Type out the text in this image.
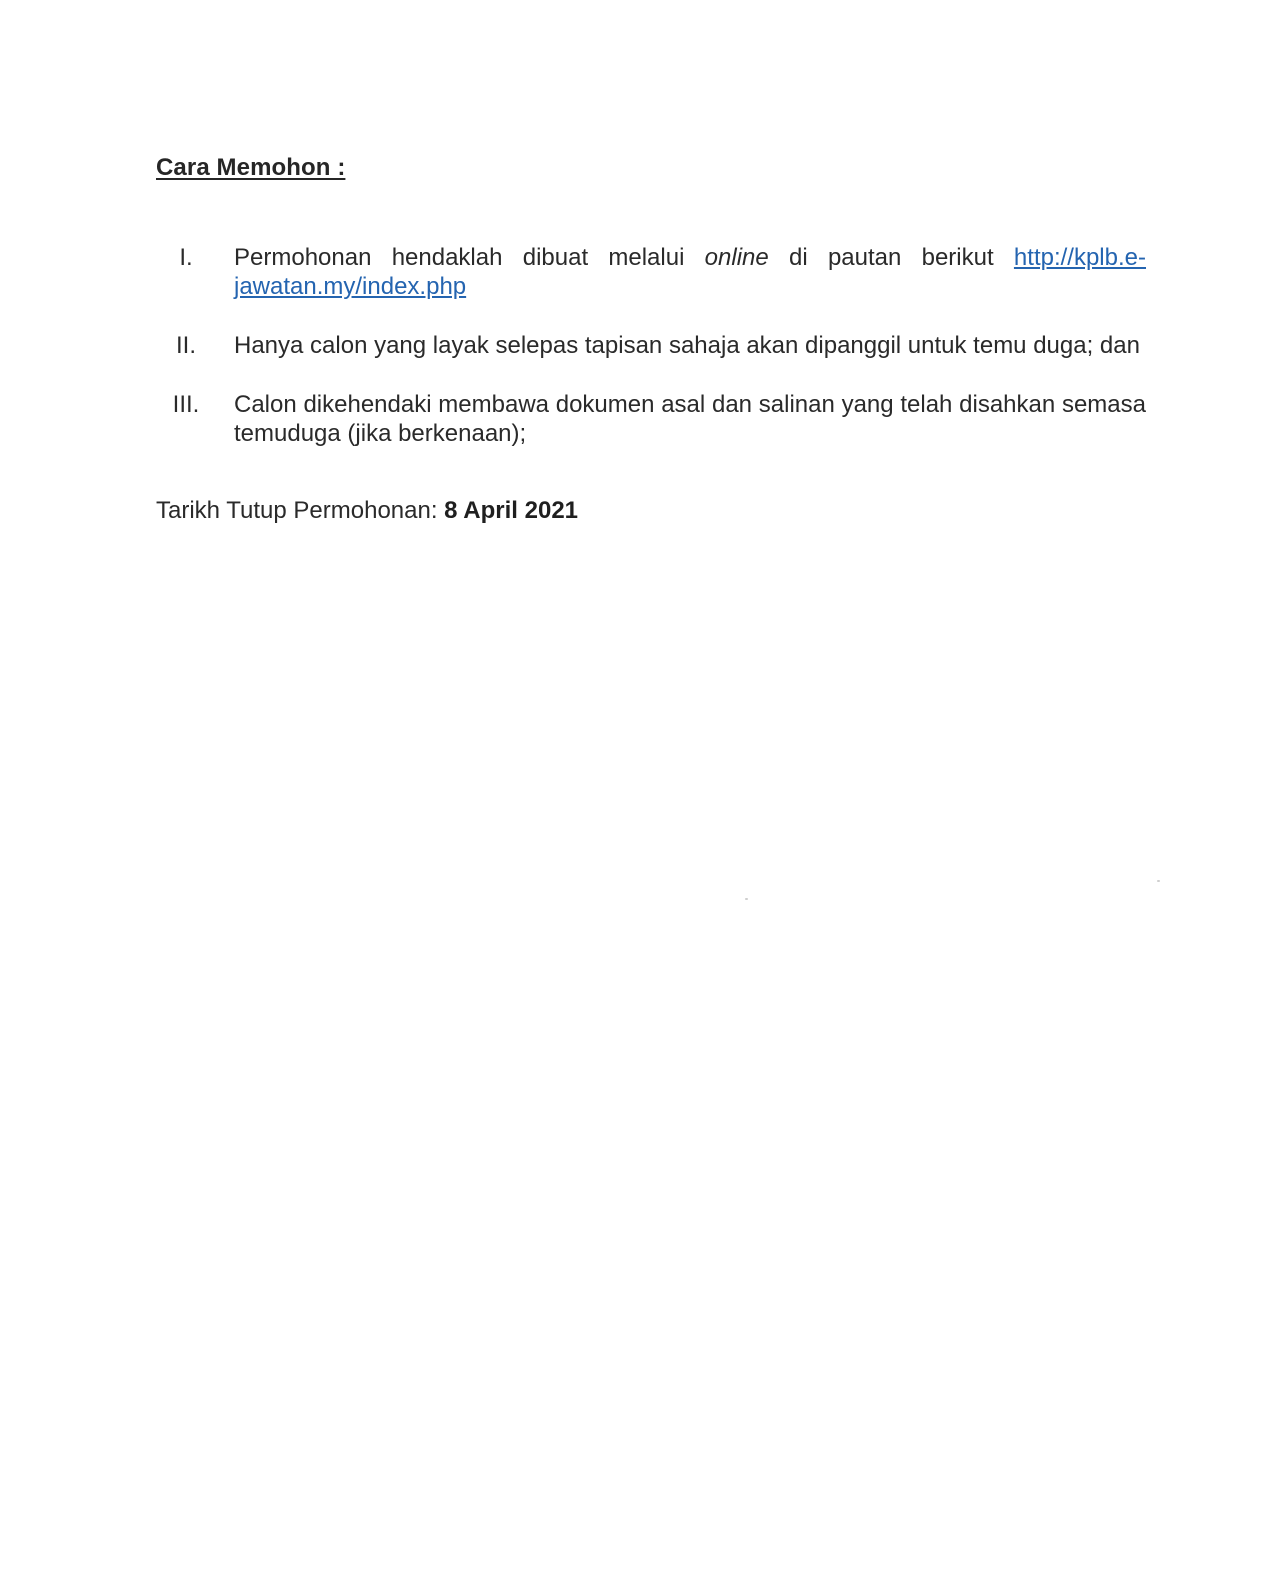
Cara Memohon :
I.	Permohonan hendaklah dibuat melalui online di pautan berikut http://kplb.e-jawatan.my/index.php
II.	Hanya calon yang layak selepas tapisan sahaja akan dipanggil untuk temu duga; dan
III.	Calon dikehendaki membawa dokumen asal dan salinan yang telah disahkan semasa temuduga (jika berkenaan);
Tarikh Tutup Permohonan: 8 April 2021
